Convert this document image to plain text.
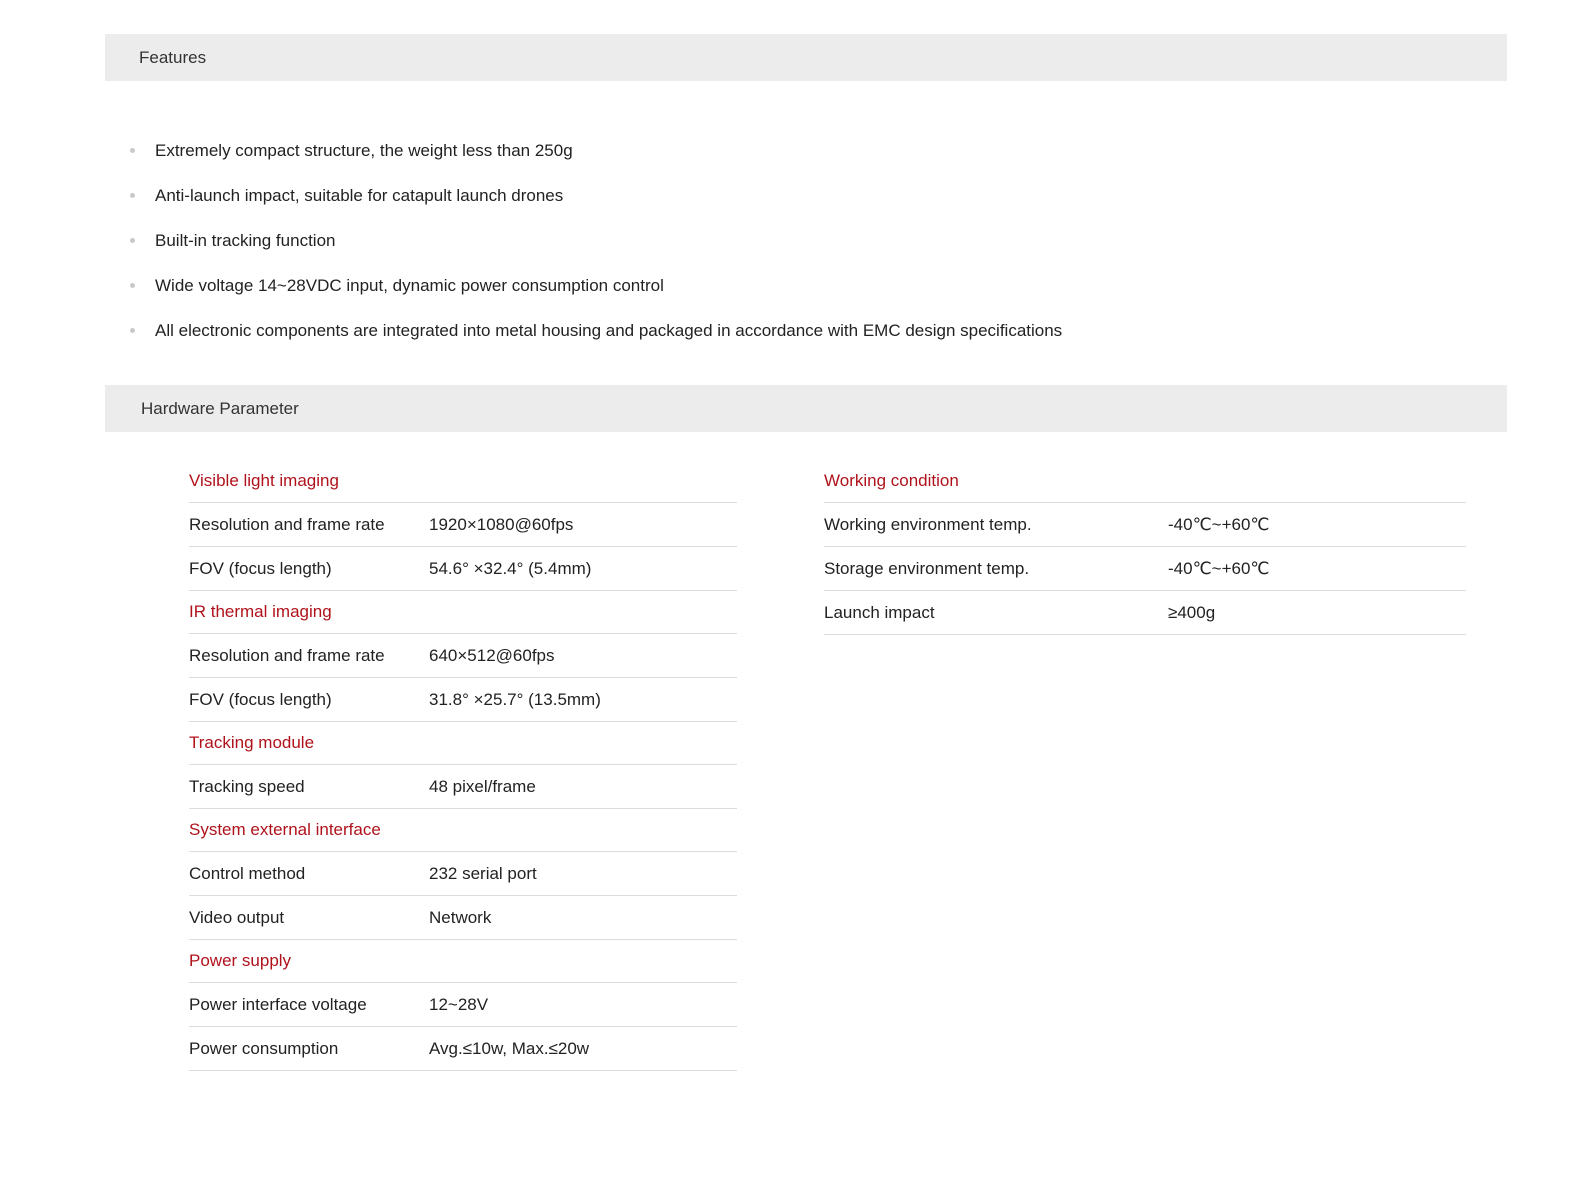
Features
Extremely compact structure, the weight less than 250g
Anti-launch impact, suitable for catapult launch drones
Built-in tracking function
Wide voltage 14~28VDC input, dynamic power consumption control
All electronic components are integrated into metal housing and packaged in accordance with EMC design specifications
Hardware Parameter
Visible light imaging
Resolution and frame rate	1920×1080@60fps
FOV (focus length)	54.6° ×32.4° (5.4mm)
IR thermal imaging
Resolution and frame rate	640×512@60fps
FOV (focus length)	31.8° ×25.7° (13.5mm)
Tracking module
Tracking speed	48 pixel/frame
System external interface
Control method	232 serial port
Video output	Network
Power supply
Power interface voltage	12~28V
Power consumption	Avg.≤10w, Max.≤20w
Working condition
Working environment temp.	-40℃~+60℃
Storage environment temp.	-40℃~+60℃
Launch impact	≥400g
